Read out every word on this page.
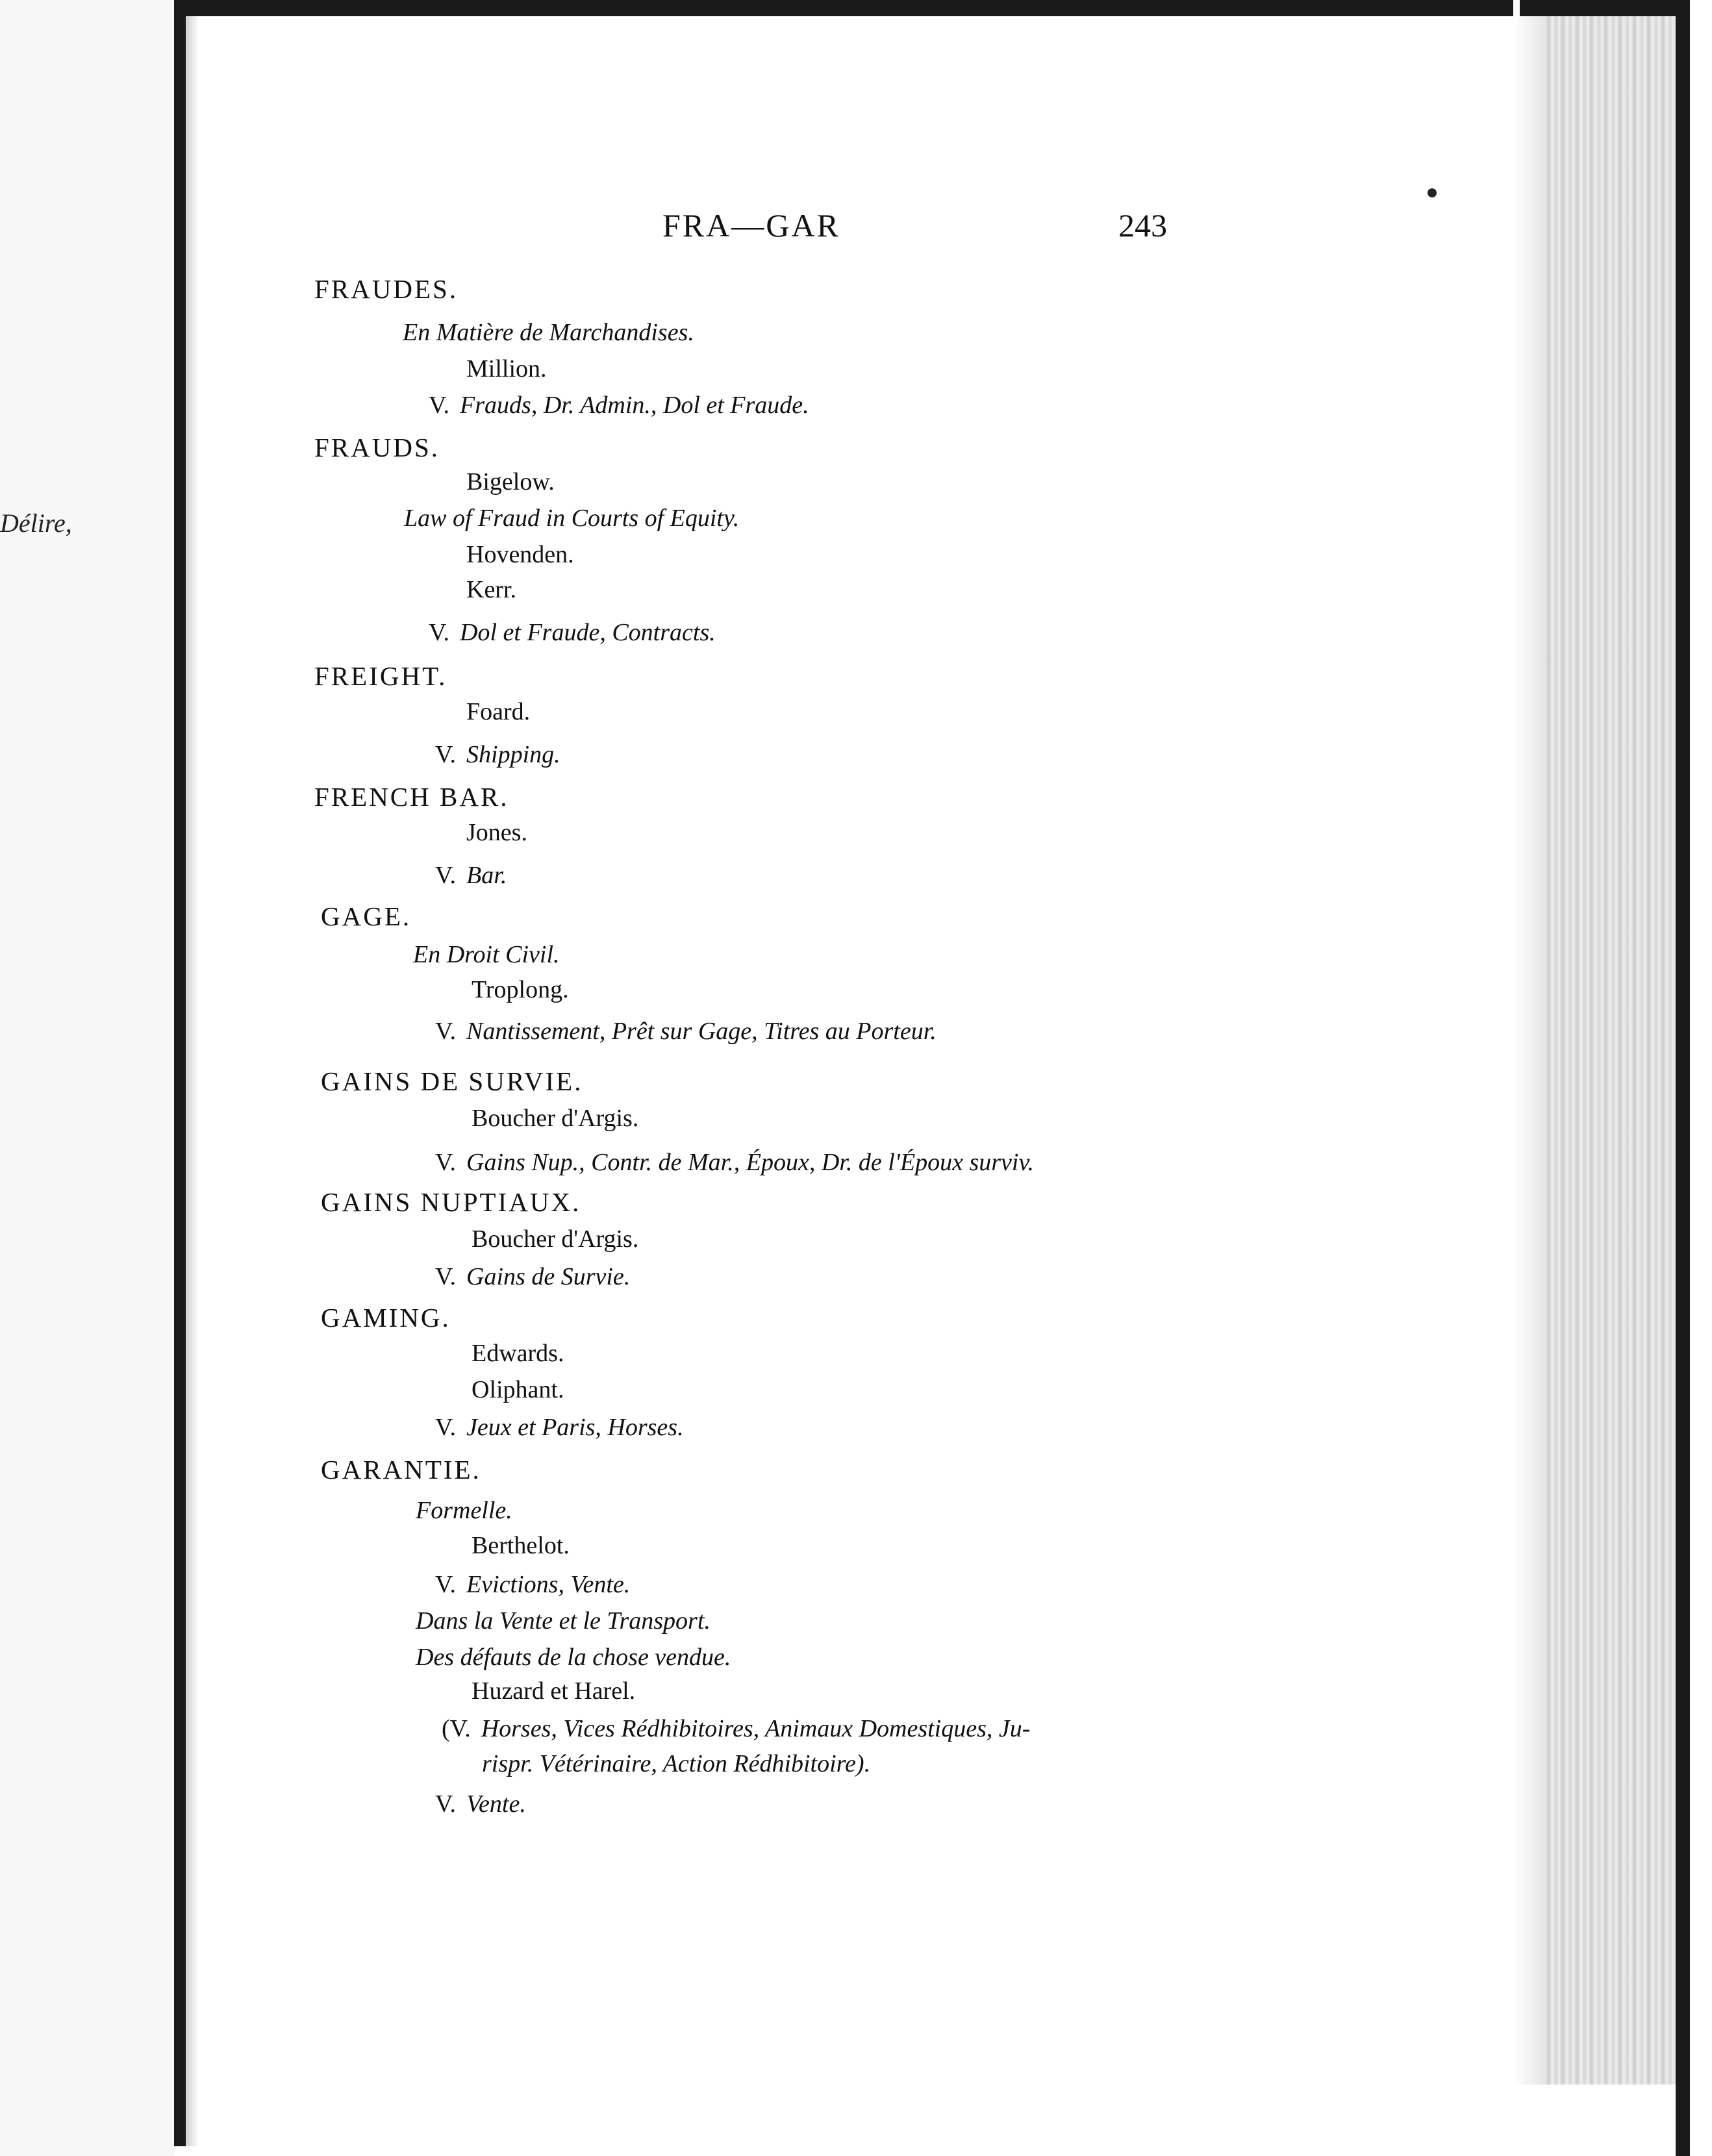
Délire,
FRA—GAR	243
FRAUDES.
En Matière de Marchandises.
Million.
V. Frauds, Dr. Admin., Dol et Fraude.
FRAUDS.
Bigelow.
Law of Fraud in Courts of Equity.
Hovenden.
Kerr.
V. Dol et Fraude, Contracts.
FREIGHT.
Foard.
V. Shipping.
FRENCH BAR.
Jones.
V. Bar.
GAGE.
En Droit Civil.
Troplong.
V. Nantissement, Prêt sur Gage, Titres au Porteur.
GAINS DE SURVIE.
Boucher d'Argis.
V. Gains Nup., Contr. de Mar., Époux, Dr. de l'Époux surviv.
GAINS NUPTIAUX.
Boucher d'Argis.
V. Gains de Survie.
GAMING.
Edwards.
Oliphant.
V. Jeux et Paris, Horses.
GARANTIE.
Formelle.
Berthelot.
V. Evictions, Vente.
Dans la Vente et le Transport.
Des défauts de la chose vendue.
Huzard et Harel.
(V. Horses, Vices Rédhibitoires, Animaux Domestiques, Ju-
rispr. Vétérinaire, Action Rédhibitoire).
V. Vente.
